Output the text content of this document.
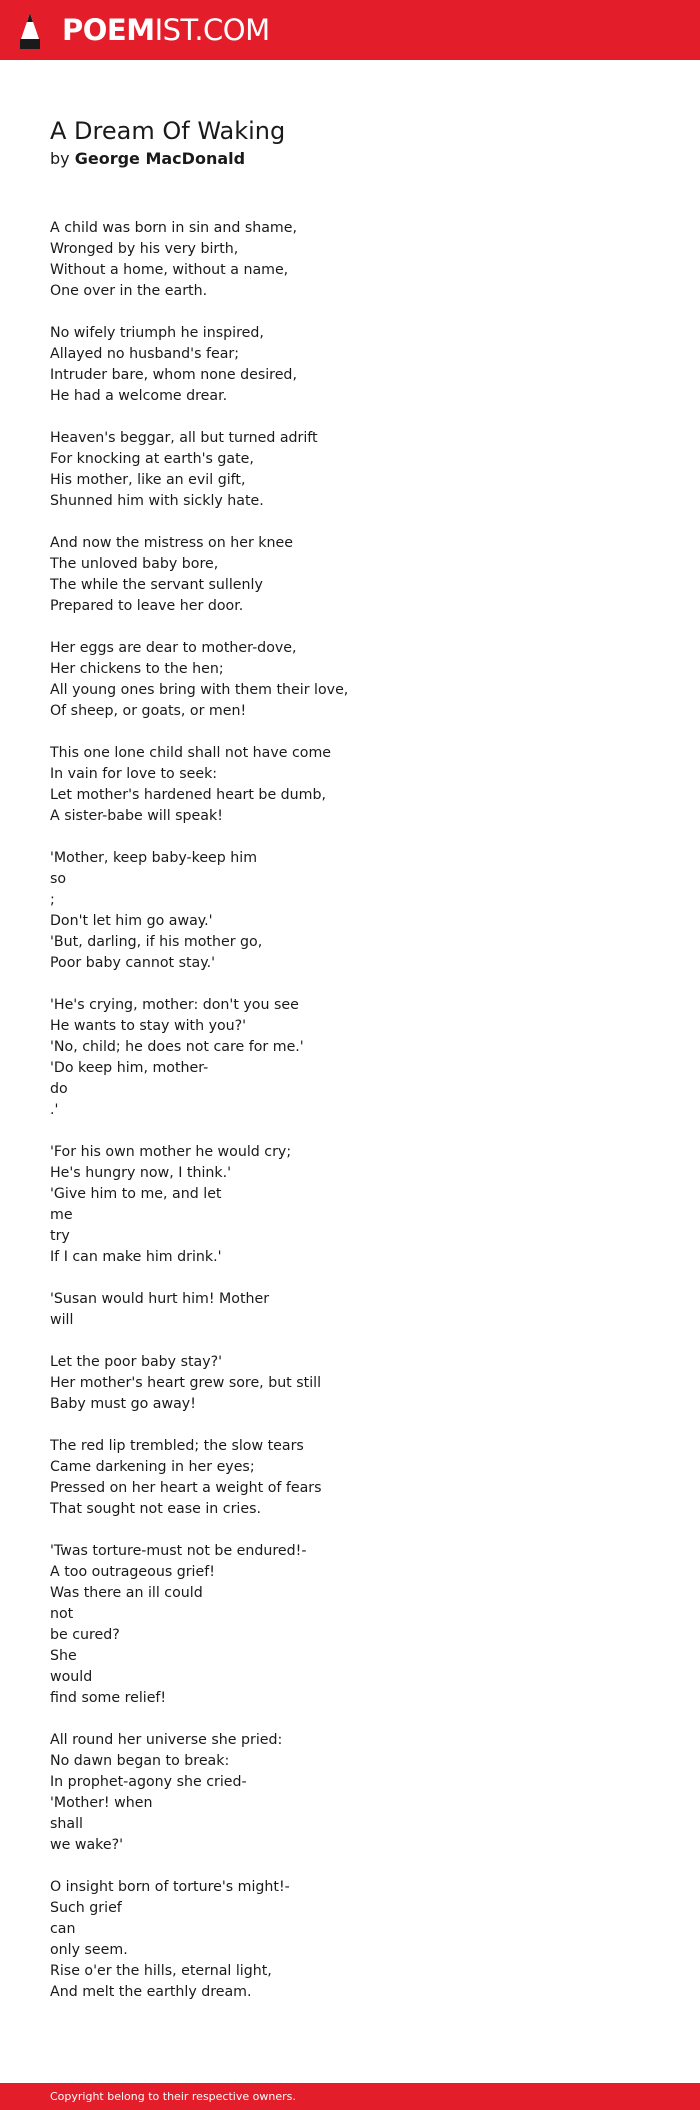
POEMIST.COM
A Dream Of Waking
by George MacDonald
A child was born in sin and shame,
Wronged by his very birth,
Without a home, without a name,
One over in the earth.
No wifely triumph he inspired,
Allayed no husband's fear;
Intruder bare, whom none desired,
He had a welcome drear.
Heaven's beggar, all but turned adrift
For knocking at earth's gate,
His mother, like an evil gift,
Shunned him with sickly hate.
And now the mistress on her knee
The unloved baby bore,
The while the servant sullenly
Prepared to leave her door.
Her eggs are dear to mother-dove,
Her chickens to the hen;
All young ones bring with them their love,
Of sheep, or goats, or men!
This one lone child shall not have come
In vain for love to seek:
Let mother's hardened heart be dumb,
A sister-babe will speak!
'Mother, keep baby-keep him
so
;
Don't let him go away.'
'But, darling, if his mother go,
Poor baby cannot stay.'
'He's crying, mother: don't you see
He wants to stay with you?'
'No, child; he does not care for me.'
'Do keep him, mother-
do
.'
'For his own mother he would cry;
He's hungry now, I think.'
'Give him to me, and let
me
try
If I can make him drink.'
'Susan would hurt him! Mother
will
Let the poor baby stay?'
Her mother's heart grew sore, but still
Baby must go away!
The red lip trembled; the slow tears
Came darkening in her eyes;
Pressed on her heart a weight of fears
That sought not ease in cries.
'Twas torture-must not be endured!-
A too outrageous grief!
Was there an ill could
not
be cured?
She
would
find some relief!
All round her universe she pried:
No dawn began to break:
In prophet-agony she cried-
'Mother! when
shall
we wake?'
O insight born of torture's might!-
Such grief
can
only seem.
Rise o'er the hills, eternal light,
And melt the earthly dream.
Copyright belong to their respective owners.
